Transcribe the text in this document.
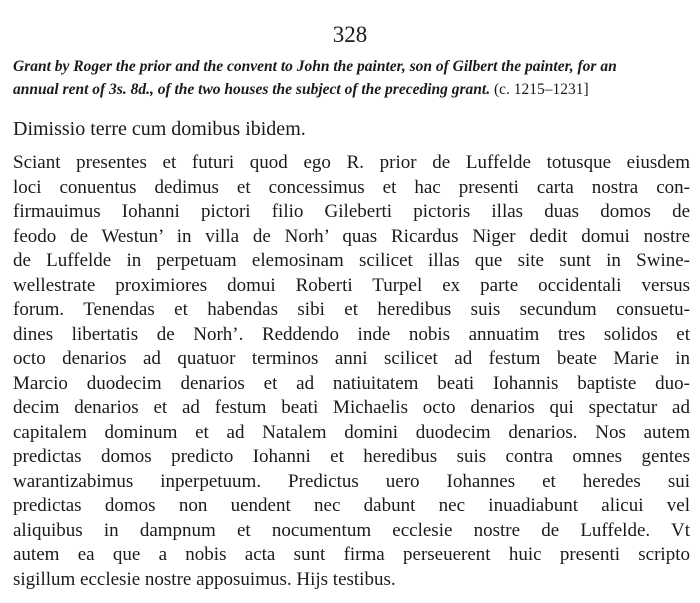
328
Grant by Roger the prior and the convent to John the painter, son of Gilbert the painter, for an
annual rent of 3s. 8d., of the two houses the subject of the preceding grant. (c. 1215–1231]
Dimissio terre cum domibus ibidem.
Sciant presentes et futuri quod ego R. prior de Luffelde totusque eiusdem
loci conuentus dedimus et concessimus et hac presenti carta nostra con-
firmauimus Iohanni pictori filio Gileberti pictoris illas duas domos de
feodo de Westun’ in villa de Norh’ quas Ricardus Niger dedit domui nostre
de Luffelde in perpetuam elemosinam scilicet illas que site sunt in Swine-
wellestrate proximiores domui Roberti Turpel ex parte occidentali versus
forum. Tenendas et habendas sibi et heredibus suis secundum consuetu-
dines libertatis de Norh’. Reddendo inde nobis annuatim tres solidos et
octo denarios ad quatuor terminos anni scilicet ad festum beate Marie in
Marcio duodecim denarios et ad natiuitatem beati Iohannis baptiste duo-
decim denarios et ad festum beati Michaelis octo denarios qui spectatur ad
capitalem dominum et ad Natalem domini duodecim denarios. Nos autem
predictas domos predicto Iohanni et heredibus suis contra omnes gentes
warantizabimus inperpetuum. Predictus uero Iohannes et heredes sui
predictas domos non uendent nec dabunt nec inuadiabunt alicui vel
aliquibus in dampnum et nocumentum ecclesie nostre de Luffelde. Vt
autem ea que a nobis acta sunt firma perseuerent huic presenti scripto
sigillum ecclesie nostre apposuimus. Hijs testibus.
